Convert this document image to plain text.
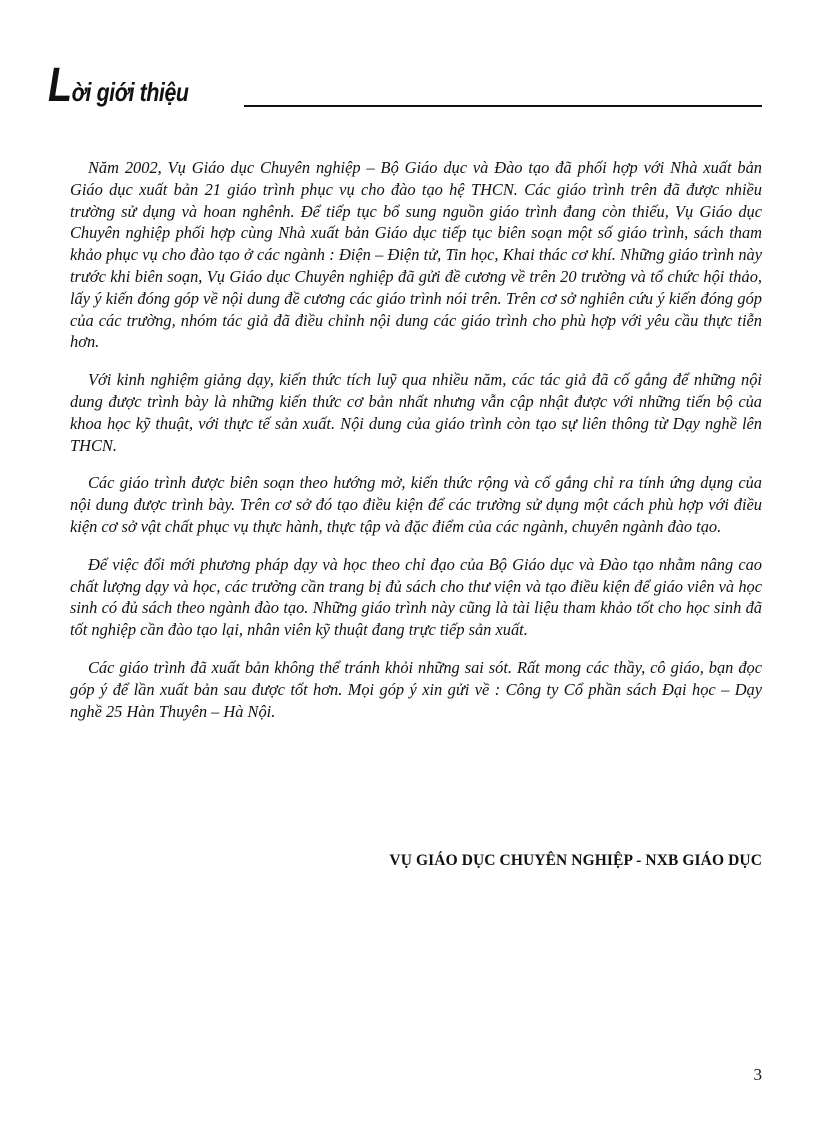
Lời giới thiệu

Năm 2002, Vụ Giáo dục Chuyên nghiệp – Bộ Giáo dục và Đào tạo đã phối hợp với Nhà xuất bản Giáo dục xuất bản 21 giáo trình phục vụ cho đào tạo hệ THCN. Các giáo trình trên đã được nhiều trường sử dụng và hoan nghênh. Để tiếp tục bổ sung nguồn giáo trình đang còn thiếu, Vụ Giáo dục Chuyên nghiệp phối hợp cùng Nhà xuất bản Giáo dục tiếp tục biên soạn một số giáo trình, sách tham khảo phục vụ cho đào tạo ở các ngành : Điện – Điện tử, Tin học, Khai thác cơ khí. Những giáo trình này trước khi biên soạn, Vụ Giáo dục Chuyên nghiệp đã gửi đề cương về trên 20 trường và tổ chức hội thảo, lấy ý kiến đóng góp về nội dung đề cương các giáo trình nói trên. Trên cơ sở nghiên cứu ý kiến đóng góp của các trường, nhóm tác giả đã điều chỉnh nội dung các giáo trình cho phù hợp với yêu cầu thực tiễn hơn.

Với kinh nghiệm giảng dạy, kiến thức tích luỹ qua nhiều năm, các tác giả đã cố gắng để những nội dung được trình bày là những kiến thức cơ bản nhất nhưng vẫn cập nhật được với những tiến bộ của khoa học kỹ thuật, với thực tế sản xuất. Nội dung của giáo trình còn tạo sự liên thông từ Dạy nghề lên THCN.

Các giáo trình được biên soạn theo hướng mở, kiến thức rộng và cố gắng chỉ ra tính ứng dụng của nội dung được trình bày. Trên cơ sở đó tạo điều kiện để các trường sử dụng một cách phù hợp với điều kiện cơ sở vật chất phục vụ thực hành, thực tập và đặc điểm của các ngành, chuyên ngành đào tạo.

Để việc đổi mới phương pháp dạy và học theo chỉ đạo của Bộ Giáo dục và Đào tạo nhằm nâng cao chất lượng dạy và học, các trường cần trang bị đủ sách cho thư viện và tạo điều kiện để giáo viên và học sinh có đủ sách theo ngành đào tạo. Những giáo trình này cũng là tài liệu tham khảo tốt cho học sinh đã tốt nghiệp cần đào tạo lại, nhân viên kỹ thuật đang trực tiếp sản xuất.

Các giáo trình đã xuất bản không thể tránh khỏi những sai sót. Rất mong các thầy, cô giáo, bạn đọc góp ý để lần xuất bản sau được tốt hơn. Mọi góp ý xin gửi về : Công ty Cổ phần sách Đại học – Dạy nghề 25 Hàn Thuyên – Hà Nội.

VỤ GIÁO DỤC CHUYÊN NGHIỆP - NXB GIÁO DỤC
3
